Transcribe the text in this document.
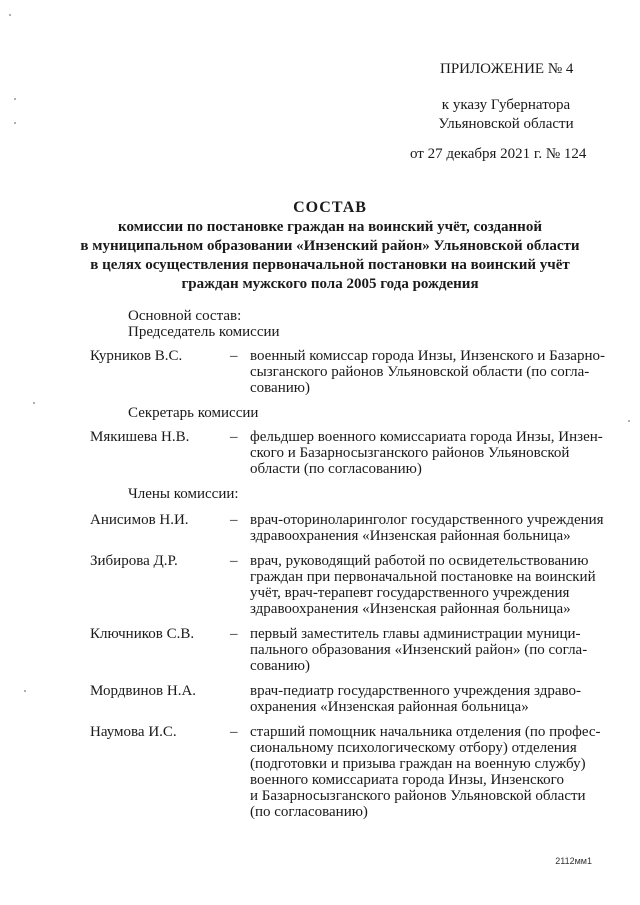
ПРИЛОЖЕНИЕ № 4
к указу Губернатора
Ульяновской области
от 27 декабря 2021 г. № 124
СОСТАВ
комиссии по постановке граждан на воинский учёт, созданной
в муниципальном образовании «Инзенский район» Ульяновской области
в целях осуществления первоначальной постановки на воинский учёт
граждан мужского пола 2005 года рождения
Основной состав:
Председатель комиссии
Курников В.С.	– военный комиссар города Инзы, Инзенского и Базарно-
сызганского районов Ульяновской области (по согла-
сованию)
Секретарь комиссии
Мякишева Н.В.	– фельдшер военного комиссариата города Инзы, Инзен-
ского и Базарносызганского районов Ульяновской
области (по согласованию)
Члены комиссии:
Анисимов Н.И.	– врач-оториноларинголог государственного учреждения
здравоохранения «Инзенская районная больница»
Зибирова Д.Р.	– врач, руководящий работой по освидетельствованию
граждан при первоначальной постановке на воинский
учёт, врач-терапевт государственного учреждения
здравоохранения «Инзенская районная больница»
Ключников С.В.	– первый заместитель главы администрации муници-
пального образования «Инзенский район» (по согла-
сованию)
Мордвинов Н.А.	врач-педиатр государственного учреждения здраво-
охранения «Инзенская районная больница»
Наумова И.С.	– старший помощник начальника отделения (по профес-
сиональному психологическому отбору) отделения
(подготовки и призыва граждан на военную службу)
военного комиссариата города Инзы, Инзенского
и Базарносызганского районов Ульяновской области
(по согласованию)
2112мм1
